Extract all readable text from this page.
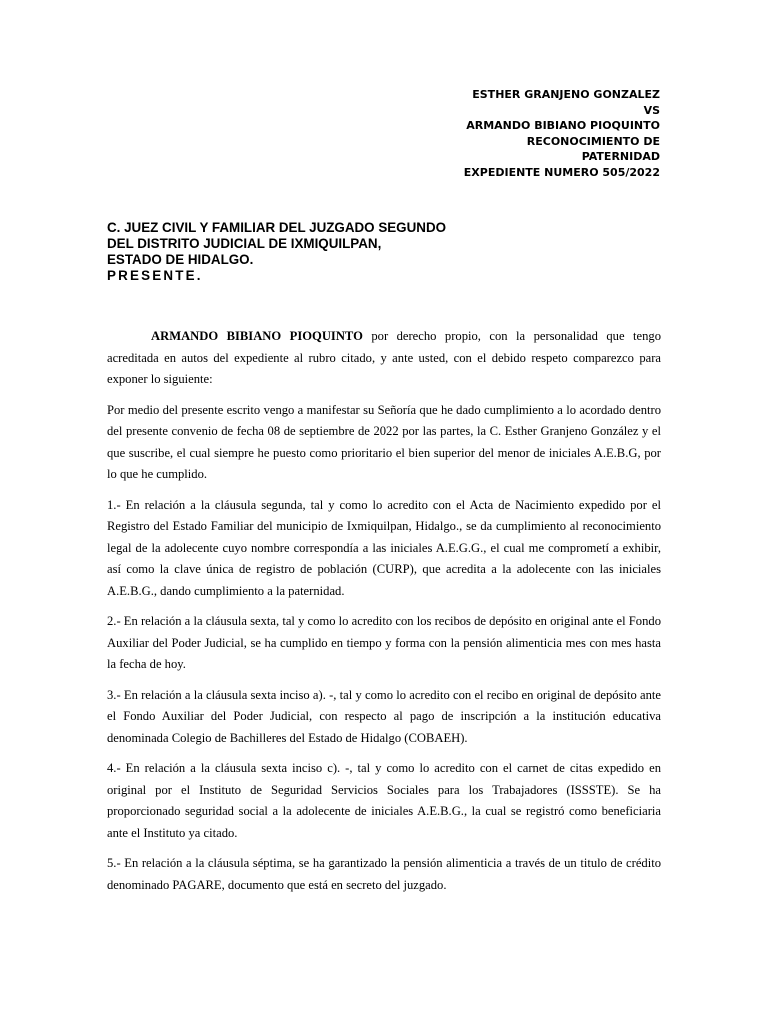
ESTHER GRANJENO GONZALEZ
VS
ARMANDO BIBIANO PIOQUINTO
RECONOCIMIENTO DE
PATERNIDAD
EXPEDIENTE NUMERO 505/2022
C. JUEZ CIVIL Y FAMILIAR DEL JUZGADO SEGUNDO
DEL DISTRITO JUDICIAL DE IXMIQUILPAN,
ESTADO DE HIDALGO.
PRESENTE.

ARMANDO BIBIANO PIOQUINTO por derecho propio, con la personalidad que tengo acreditada en autos del expediente al rubro citado, y ante usted, con el debido respeto comparezco para exponer lo siguiente:

Por medio del presente escrito vengo a manifestar su Señoría que he dado cumplimiento a lo acordado dentro del presente convenio de fecha 08 de septiembre de 2022 por las partes, la C. Esther Granjeno González y el que suscribe, el cual siempre he puesto como prioritario el bien superior del menor de iniciales A.E.B.G, por lo que he cumplido.

1.- En relación a la cláusula segunda, tal y como lo acredito con el Acta de Nacimiento expedido por el Registro del Estado Familiar del municipio de Ixmiquilpan, Hidalgo., se da cumplimiento al reconocimiento legal de la adolecente cuyo nombre correspondía a las iniciales A.E.G.G., el cual me comprometí a exhibir, así como la clave única de registro de población (CURP), que acredita a la adolecente con las iniciales A.E.B.G., dando cumplimiento a la paternidad.

2.- En relación a la cláusula sexta, tal y como lo acredito con los recibos de depósito en original ante el Fondo Auxiliar del Poder Judicial, se ha cumplido en tiempo y forma con la pensión alimenticia mes con mes hasta la fecha de hoy.

3.- En relación a la cláusula sexta inciso a). -, tal y como lo acredito con el recibo en original de depósito ante el Fondo Auxiliar del Poder Judicial, con respecto al pago de inscripción a la institución educativa denominada Colegio de Bachilleres del Estado de Hidalgo (COBAEH).

4.- En relación a la cláusula sexta inciso c). -, tal y como lo acredito con el carnet de citas expedido en original por el Instituto de Seguridad Servicios Sociales para los Trabajadores (ISSSTE). Se ha proporcionado seguridad social a la adolecente de iniciales A.E.B.G., la cual se registró como beneficiaria ante el Instituto ya citado.

5.- En relación a la cláusula séptima, se ha garantizado la pensión alimenticia a través de un titulo de crédito denominado PAGARE, documento que está en secreto del juzgado.
